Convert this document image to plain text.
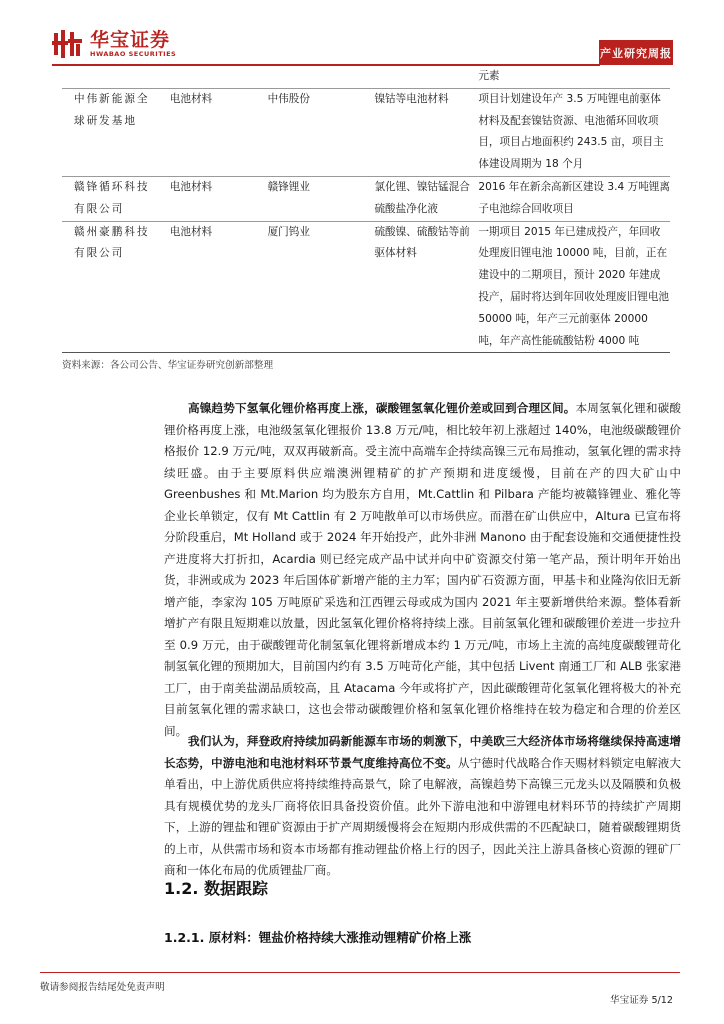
华宝证券
HWABAO SECURITIES	产业研究周报
				元素
中伟新能源全球研发基地	电池材料	中伟股份	镍钴等电池材料	项目计划建设年产 3.5 万吨锂电前驱体材料及配套镍钴资源、电池循环回收项目，项目占地面积约 243.5 亩，项目主体建设周期为 18 个月
赣锋循环科技有限公司	电池材料	赣锋锂业	氯化锂、镍钴锰混合硫酸盐净化液	2016 年在新余高新区建设 3.4 万吨锂离子电池综合回收项目
赣州豪鹏科技有限公司	电池材料	厦门钨业	硫酸镍、硫酸钴等前驱体材料	一期项目 2015 年已建成投产，年回收处理废旧锂电池 10000 吨，目前，正在建设中的二期项目，预计 2020 年建成投产，届时将达到年回收处理废旧锂电池 50000 吨，年产三元前驱体 20000 吨，年产高性能硫酸钴粉 4000 吨
资料来源：各公司公告、华宝证券研究创新部整理

高镍趋势下氢氧化锂价格再度上涨，碳酸锂氢氧化锂价差或回到合理区间。本周氢氧化锂和碳酸锂价格再度上涨，电池级氢氧化锂报价 13.8 万元/吨，相比较年初上涨超过 140%，电池级碳酸锂价格报价 12.9 万元/吨，双双再破新高。受主流中高端车企持续高镍三元布局推动，氢氧化锂的需求持续旺盛。由于主要原料供应端澳洲锂精矿的扩产预期和进度缓慢，目前在产的四大矿山中 Greenbushes 和 Mt.Marion 均为股东方自用，Mt.Cattlin 和 Pilbara 产能均被赣锋锂业、雅化等企业长单锁定，仅有 Mt Cattlin 有 2 万吨散单可以市场供应。而潜在矿山供应中，Altura 已宣布将分阶段重启，Mt Holland 或于 2024 年开始投产，此外非洲 Manono 由于配套设施和交通便捷性投产进度将大打折扣，Acardia 则已经完成产品中试并向中矿资源交付第一笔产品，预计明年开始出货，非洲或成为 2023 年后国体矿新增产能的主力军；国内矿石资源方面，甲基卡和业隆沟依旧无新增产能，李家沟 105 万吨原矿采选和江西锂云母或成为国内 2021 年主要新增供给来源。整体看新增扩产有限且短期难以放量，因此氢氧化锂价格将持续上涨。目前氢氧化锂和碳酸锂价差进一步拉升至 0.9 万元，由于碳酸锂苛化制氢氧化锂将新增成本约 1 万元/吨，市场上主流的高纯度碳酸锂苛化制氢氧化锂的预期加大，目前国内约有 3.5 万吨苛化产能，其中包括 Livent 南通工厂和 ALB 张家港工厂，由于南美盐湖品质较高，且 Atacama 今年或将扩产，因此碳酸锂苛化氢氧化锂将极大的补充目前氢氧化锂的需求缺口，这也会带动碳酸锂价格和氢氧化锂价格维持在较为稳定和合理的价差区间。

我们认为，拜登政府持续加码新能源车市场的刺激下，中美欧三大经济体市场将继续保持高速增长态势，中游电池和电池材料环节景气度维持高位不变。从宁德时代战略合作天赐材料锁定电解液大单看出，中上游优质供应将持续维持高景气，除了电解液，高镍趋势下高镍三元龙头以及隔膜和负极具有规模优势的龙头厂商将依旧具备投资价值。此外下游电池和中游锂电材料环节的持续扩产周期下，上游的锂盐和锂矿资源由于扩产周期缓慢将会在短期内形成供需的不匹配缺口，随着碳酸锂期货的上市，从供需市场和资本市场都有推动锂盐价格上行的因子，因此关注上游具备核心资源的锂矿厂商和一体化布局的优质锂盐厂商。

1.2. 数据跟踪
1.2.1. 原材料：锂盐价格持续大涨推动锂精矿价格上涨
敬请参阅报告结尾处免责声明
华宝证券 5/12
